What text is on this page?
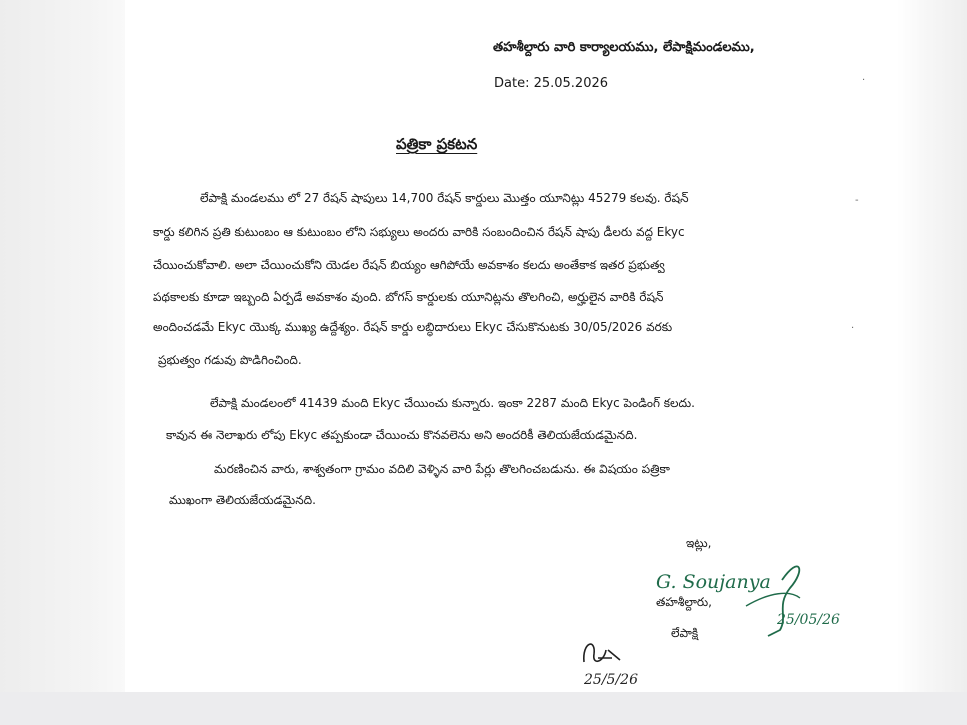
తహశీల్దారు వారి కార్యాలయము, లేపాక్షిమండలము,
Date: 25.05.2026
పత్రికా ప్రకటన
లేపాక్షి మండలము లో 27 రేషన్ షాపులు 14,700 రేషన్ కార్డులు మొత్తం యూనిట్లు 45279 కలవు. రేషన్
కార్డు కలిగిన ప్రతి కుటుంబం ఆ కుటుంబం లోని సభ్యులు అందరు వారికి సంబందించిన రేషన్ షాపు డీలరు వద్ద Ekyc
చేయించుకోవాలి. అలా చేయించుకోని యెడల రేషన్ బియ్యం ఆగిపోయే అవకాశం కలదు అంతేకాక ఇతర ప్రభుత్వ
పథకాలకు కూడా ఇబ్బంది ఏర్పడే అవకాశం వుంది. బోగస్ కార్డులకు యూనిట్లను తొలగించి, అర్హులైన వారికి రేషన్
అందించడమే Ekyc యొక్క ముఖ్య ఉద్దేశ్యం. రేషన్ కార్డు లబ్ధిదారులు Ekyc చేసుకొనుటకు 30/05/2026 వరకు
ప్రభుత్వం గడువు పొడిగించింది.
లేపాక్షి మండలంలో 41439 మంది Ekyc చేయించు కున్నారు. ఇంకా 2287 మంది Ekyc పెండింగ్ కలదు.
కావున ఈ నెలాఖరు లోపు Ekyc తప్పకుండా చేయించు కొనవలెను అని అందరికీ తెలియజేయడమైనది.
మరణించిన వారు, శాశ్వతంగా గ్రామం వదిలి వెళ్ళిన వారి పేర్లు తొలగించబడును. ఈ విషయం పత్రికా
ముఖంగా తెలియజేయడమైనది.
-
.
.
ఇట్లు,
G. Soujanya
తహశీల్దారు,
25/05/26
లేపాక్షి
25/5/26
